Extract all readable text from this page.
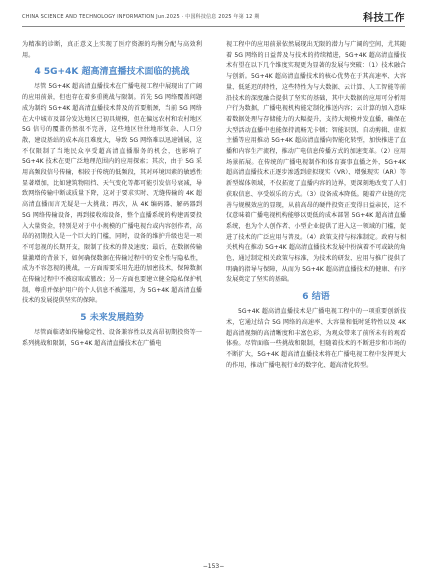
CHINA SCIENCE AND TECHNOLOGY INFORMATION Jun.2025 · 中国科技信息 2025 年第 12 期	科技工作

为精准的诊断，真正意义上实现了医疗资源的均衡分配与高效利用。

4 5G+4K 超高清直播技术面临的挑战

尽管 5G+4K 超高清直播技术在广播电视工程中展现出了广阔的应用前景，但也存在着多重挑战与限制。首先 5G 网络覆盖问题成为制约 5G+4K 超高清直播技术普及的首要瓶颈，当前 5G 网络在大中城市及部分发达地区已初具规模，但在偏远农村和农村地区 5G 信号的覆盖仍然很不完善，这些地区往往地形复杂、人口分散，建设基站的成本高且难度大，导致 5G 网络难以迅速铺展，这不仅限制了当地民众享受超高清直播服务的机会，也影响了 5G+4K 技术在更广泛地理范围内的应用探索；其次，由于 5G 采用高频段信号传输，相较于传统的低频段，其对环境因素的敏感性显著增加，比如建筑物阻挡、天气变化等都可能引发信号衰减，导致网络传输中断或质量下降，这对于要求实时、无缝传输的 4K 超高清直播而言无疑是一大挑战；再次，从 4K 编码器、解码器到 5G 网络传输设备，再到接收端设备，整个直播系统的构建需要投入大量资金，特别是对于中小规模的广播电视台或内容创作者，高昂的初期投入是一个巨大的门槛，同时，设备的维护升级也是一项不可忽视的长期开支，限制了技术的普及速度；最后，在数据传输量激增的背景下，如何确保数据在传输过程中的安全性与隐私性，成为不容忽视的挑战，一方面需要采用先进的加密技术，保障数据在传输过程中不被窃取或篡改；另一方面也要建立健全隐私保护机制，尊重并保护用户的个人信息不被滥用，为 5G+4K 超高清直播技术的发展提供坚实的保障。

5 未来发展趋势

尽管面临诸如传输稳定性、设备兼容性以及高昂初期投资等一系列挑战和限制，5G+4K 超高清直播技术在广播电

视工程中的应用前景依然展现出无限的潜力与广阔的空间，尤其随着 5G 网络的日益普及与技术的持续精进，5G+4K 超高清直播技术有望在以下几个维度实现更为显著的发展与突破：（1）技术融合与创新。5G+4K 超高清直播技术的核心优势在于其高速率、大容量、低延迟的特性，这些特性为与大数据、云计算、人工智能等前沿技术的深度融合提供了坚实的基础，其中大数据的应用可分析用户行为数据，广播电视机构能定制化推送内容；云计算的加入意味着数据处理与存储能力的大幅提升，支持大规模并发直播，确保在大型活动直播中也能保持流畅无卡顿；智能识别、自动剪辑、虚拟主播等应用推动 5G+4K 超高清直播向智能化转型，加快推进了直播和内容生产流程，推动广电信息传播方式的加速变革。（2）应用场景拓展。在传统的广播电视制作和体育赛事直播之外，5G+4K 超高清直播技术正逐步渗透到虚拟现实（VR）、增强现实（AR）等新型媒体领域，不仅拓宽了直播内容的边界，更深刻地改变了人们获取信息、享受娱乐的方式。（3）设备成本降低。随着产业链的完善与规模效应的显现，从前高昂的硬件投资正变得日益亲民，这不仅意味着广播电视机构能够以更低的成本部署 5G+4K 超高清直播系统，也为个人创作者、小型企业提供了进入这一领域的门槛，促进了技术的广泛应用与普及。（4）政策支持与标准制定。政府与相关机构在推动 5G+4K 超高清直播技术发展中扮演着不可或缺的角色，通过制定相关政策与标准，为技术的研发、应用与推广提供了明确的指导与保障，从而为 5G+4K 超高清直播技术的健康、有序发展奠定了坚实的基础。

6 结语

5G+4K 超高清直播技术是广播电视工程中的一项重要创新技术，它通过结合 5G 网络的高速率、大容量和低时延特性以及 4K 超高清视频的高清晰度和丰富色彩，为观众带来了前所未有的观看体验。尽管面临一些挑战和限制，但随着技术的不断进步和市场的不断扩大，5G+4K 超高清直播技术将在广播电视工程中发挥更大的作用，推动广播电视行业的数字化、超高清化转型。

−153−
